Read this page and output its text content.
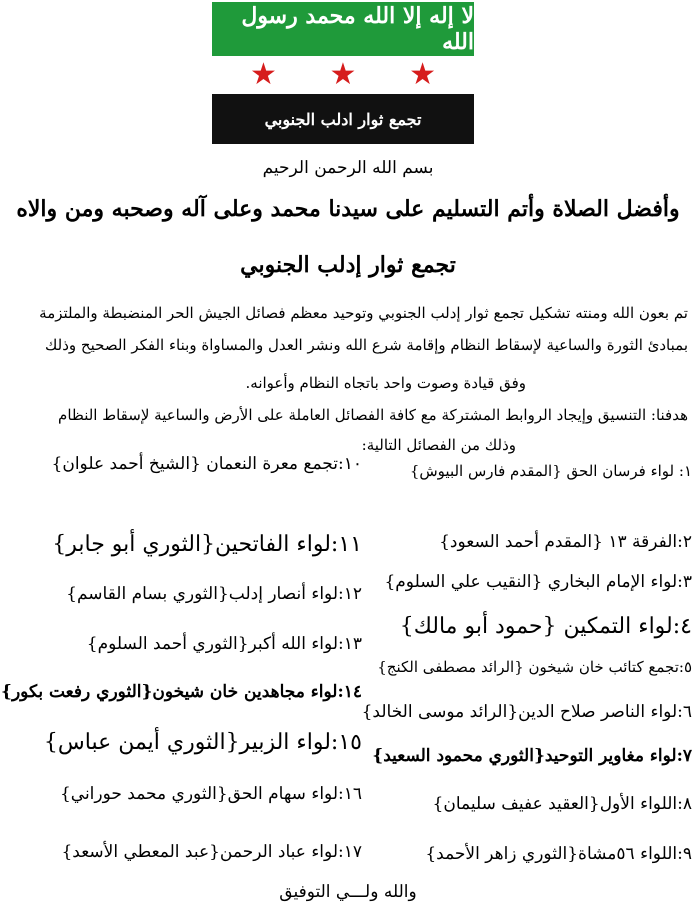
لا إله إلا الله محمد رسول الله
★ ★ ★
تجمع ثوار ادلب الجنوبي
بسم الله الرحمن الرحيم
وأفضل الصلاة وأتم التسليم على سيدنا محمد وعلى آله وصحبه ومن والاه
تجمع ثوار إدلب الجنوبي
تم بعون الله ومنته تشكيل تجمع ثوار إدلب الجنوبي وتوحيد معظم فصائل الجيش الحر المنضبطة والملتزمة
بمبادئ الثورة والساعية لإسقاط النظام وإقامة شرع الله ونشر العدل والمساواة وبناء الفكر الصحيح وذلك
وفق قيادة وصوت واحد باتجاه النظام وأعوانه.
هدفنا: التنسيق وإيجاد الروابط المشتركة مع كافة الفصائل العاملة على الأرض والساعية لإسقاط النظام
وذلك من الفصائل التالية:
١: لواء فرسان الحق {المقدم فارس البيوش}
٢:الفرقة ١٣ {المقدم أحمد السعود}
٣:لواء الإمام البخاري {النقيب علي السلوم}
٤:لواء التمكين {حمود أبو مالك}
٥:تجمع كتائب خان شيخون {الرائد مصطفى الكنج}
٦:لواء الناصر صلاح الدين{الرائد موسى الخالد}
٧:لواء مغاوير التوحيد{الثوري محمود السعيد}
٨:اللواء الأول{العقيد عفيف سليمان}
٩:اللواء ٥٦مشاة{الثوري زاهر الأحمد}
١٠:تجمع معرة النعمان {الشيخ أحمد علوان}
١١:لواء الفاتحين{الثوري أبو جابر}
١٢:لواء أنصار إدلب{الثوري بسام القاسم}
١٣:لواء الله أكبر{الثوري أحمد السلوم}
١٤:لواء مجاهدين خان شيخون{الثوري رفعت بكور}
١٥:لواء الزبير{الثوري أيمن عباس}
١٦:لواء سهام الحق{الثوري محمد حوراني}
١٧:لواء عباد الرحمن{عبد المعطي الأسعد}
والله ولـــي التوفيق
